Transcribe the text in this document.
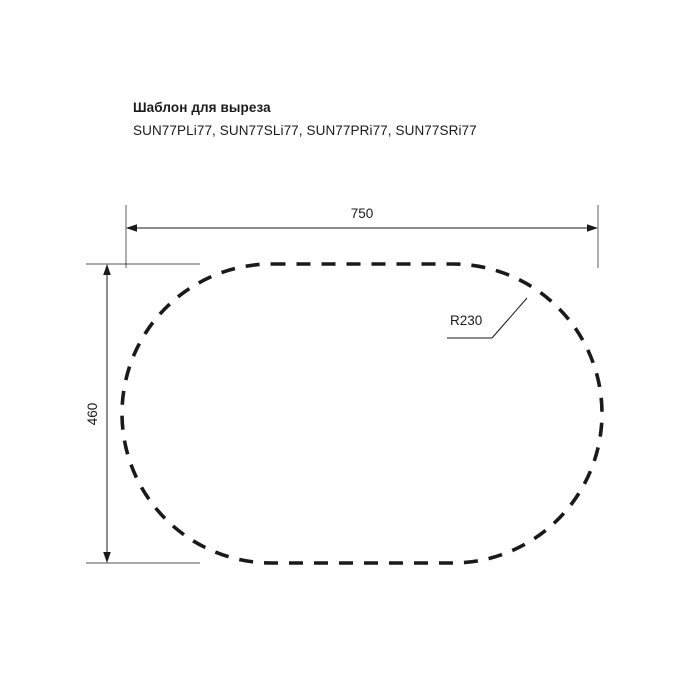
Шаблон для выреза

SUN77PLi77, SUN77SLi77, SUN77PRi77, SUN77SRi77

750
460
R230
